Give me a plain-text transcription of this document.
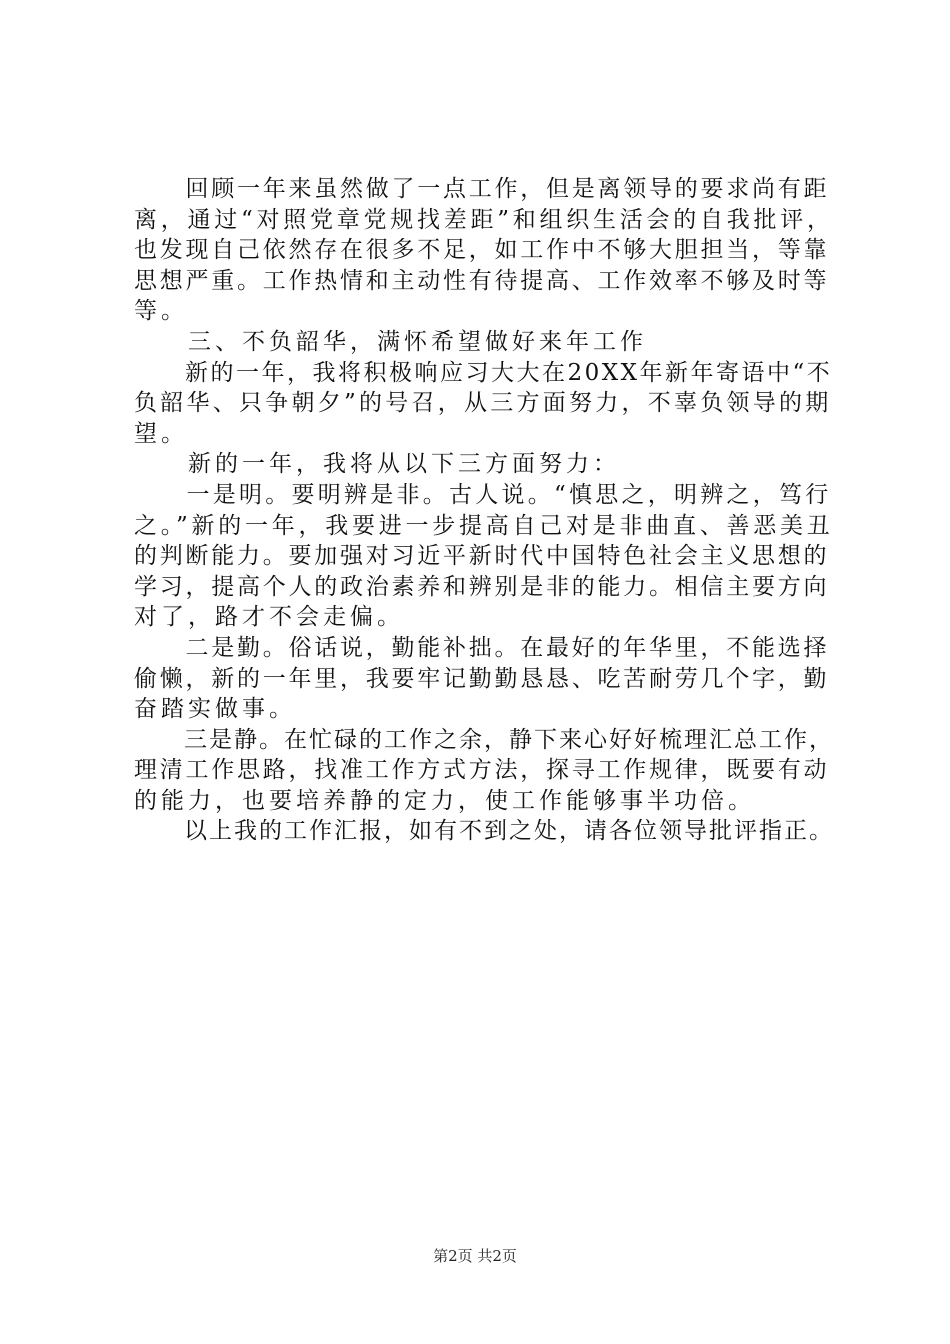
　　回顾一年来虽然做了一点工作，但是离领导的要求尚有距
离，通过“对照党章党规找差距”和组织生活会的自我批评，
也发现自己依然存在很多不足，如工作中不够大胆担当，等靠
思想严重。工作热情和主动性有待提高、工作效率不够及时等
等。
　　三、不负韶华，满怀希望做好来年工作
　　新的一年，我将积极响应习大大在20XX年新年寄语中“不
负韶华、只争朝夕”的号召，从三方面努力，不辜负领导的期
望。
　　新的一年，我将从以下三方面努力：
　　一是明。要明辨是非。古人说。“慎思之，明辨之，笃行
之。”新的一年，我要进一步提高自己对是非曲直、善恶美丑
的判断能力。要加强对习近平新时代中国特色社会主义思想的
学习，提高个人的政治素养和辨别是非的能力。相信主要方向
对了，路才不会走偏。
　　二是勤。俗话说，勤能补拙。在最好的年华里，不能选择
偷懒，新的一年里，我要牢记勤勤恳恳、吃苦耐劳几个字，勤
奋踏实做事。
　　三是静。在忙碌的工作之余，静下来心好好梳理汇总工作，
理清工作思路，找准工作方式方法，探寻工作规律，既要有动
的能力，也要培养静的定力，使工作能够事半功倍。
　　以上我的工作汇报，如有不到之处，请各位领导批评指正。
第2页 共2页
